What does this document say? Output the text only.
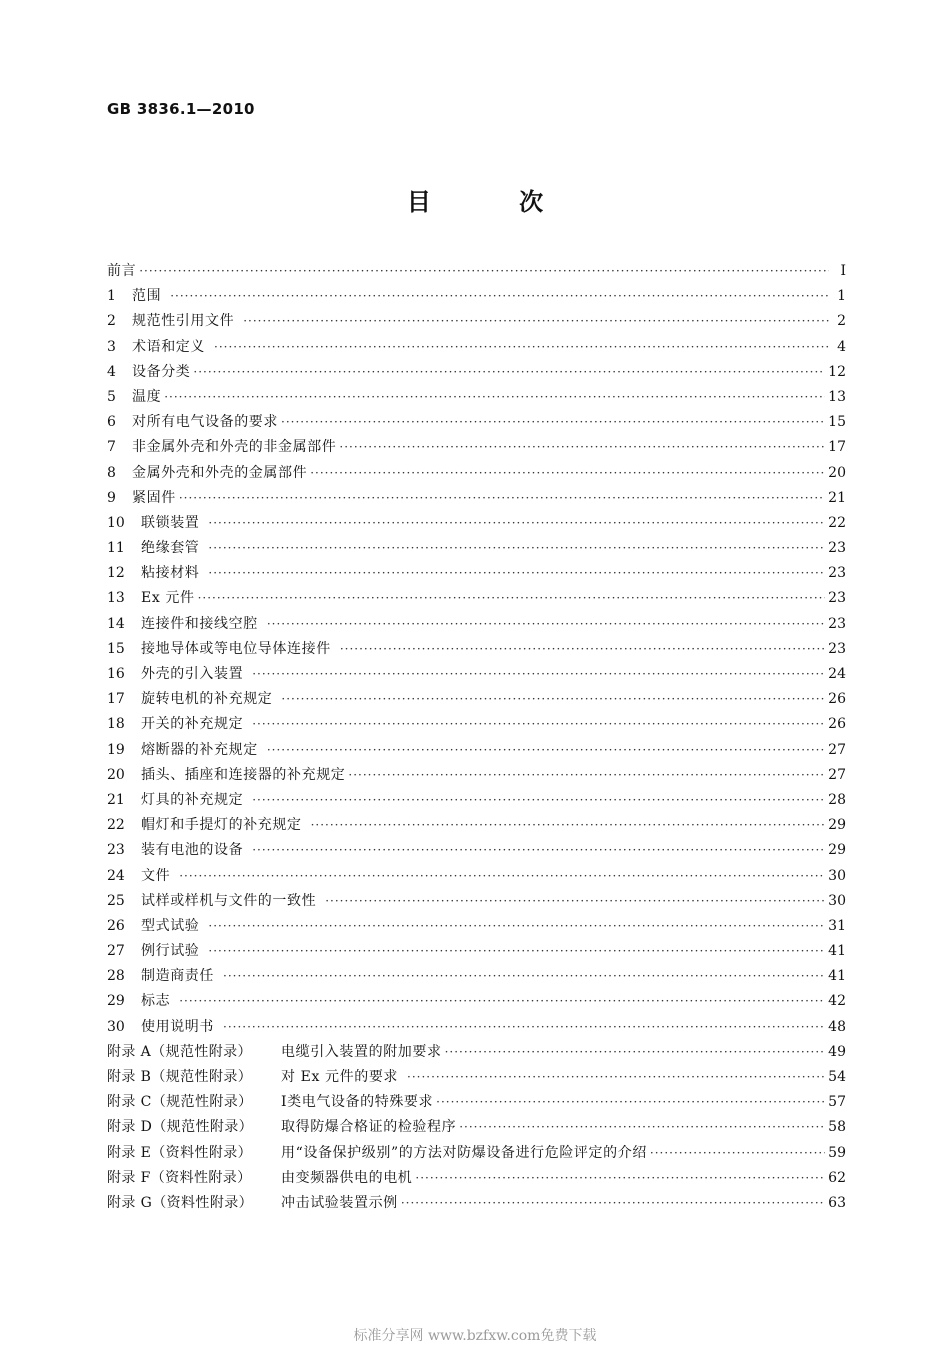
GB 3836.1—2010
目 次
前言 ·····	Ⅰ
1	范围 ·····	1
2	规范性引用文件 ·····	2
3	术语和定义 ·····	4
4	设备分类 ·····	12
5	温度 ·····	13
6	对所有电气设备的要求 ·····	15
7	非金属外壳和外壳的非金属部件 ·····	17
8	金属外壳和外壳的金属部件 ·····	20
9	紧固件 ·····	21
10	联锁装置 ·····	22
11	绝缘套管 ·····	23
12	粘接材料 ·····	23
13	Ex 元件 ·····	23
14	连接件和接线空腔 ·····	23
15	接地导体或等电位导体连接件 ·····	23
16	外壳的引入装置 ·····	24
17	旋转电机的补充规定 ·····	26
18	开关的补充规定 ·····	26
19	熔断器的补充规定 ·····	27
20	插头、插座和连接器的补充规定 ·····	27
21	灯具的补充规定 ·····	28
22	帽灯和手提灯的补充规定 ·····	29
23	装有电池的设备 ·····	29
24	文件 ·····	30
25	试样或样机与文件的一致性 ·····	30
26	型式试验 ·····	31
27	例行试验 ·····	41
28	制造商责任 ·····	41
29	标志 ·····	42
30	使用说明书 ·····	48
附录 A（规范性附录）	电缆引入装置的附加要求 ·····	49
附录 B（规范性附录）	对 Ex 元件的要求 ·····	54
附录 C（规范性附录）	Ⅰ类电气设备的特殊要求 ·····	57
附录 D（规范性附录）	取得防爆合格证的检验程序 ·····	58
附录 E（资料性附录）	用“设备保护级别”的方法对防爆设备进行危险评定的介绍 ·····	59
附录 F（资料性附录）	由变频器供电的电机 ·····	62
附录 G（资料性附录）	冲击试验装置示例 ·····	63
标准分享网 www.bzfxw.com免费下载
